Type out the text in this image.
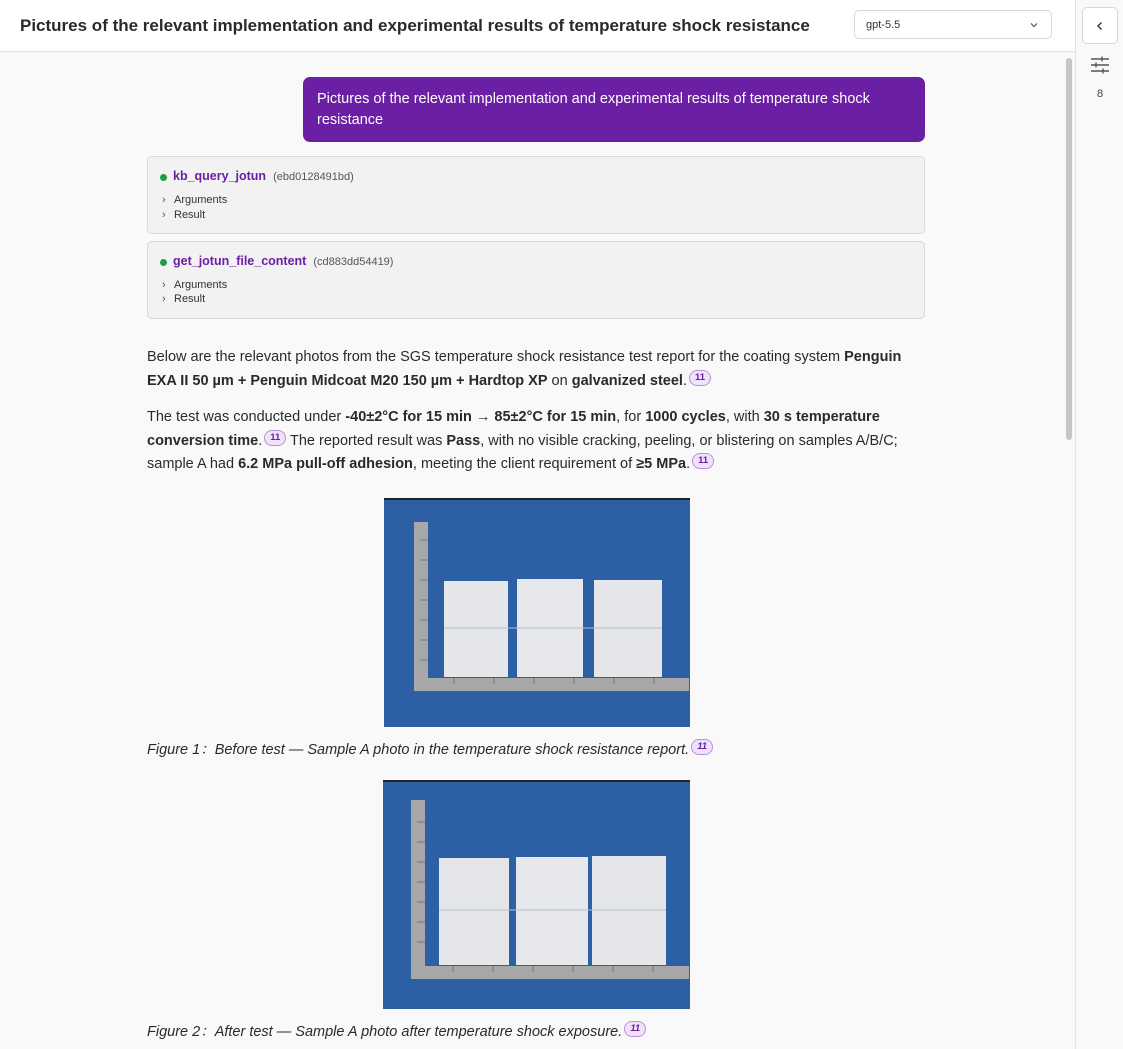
Pictures of the relevant implementation and experimental results of temperature shock resistance	gpt-5.5
8
Pictures of the relevant implementation and experimental results of temperature shock resistance
kb_query_jotun (ebd0128491bd)
› Arguments
› Result
get_jotun_file_content (cd883dd54419)
› Arguments
› Result

Below are the relevant photos from the SGS temperature shock resistance test report for the coating system Penguin EXA II 50 µm + Penguin Midcoat M20 150 µm + Hardtop XP on galvanized steel. 11

The test was conducted under -40±2°C for 15 min → 85±2°C for 15 min, for 1000 cycles, with 30 s temperature conversion time. 11 The reported result was Pass, with no visible cracking, peeling, or blistering on samples A/B/C; sample A had 6.2 MPa pull-off adhesion, meeting the client requirement of ≥5 MPa. 11

Figure 1：Before test — Sample A photo in the temperature shock resistance report. 11
Figure 2：After test — Sample A photo after temperature shock exposure. 11
